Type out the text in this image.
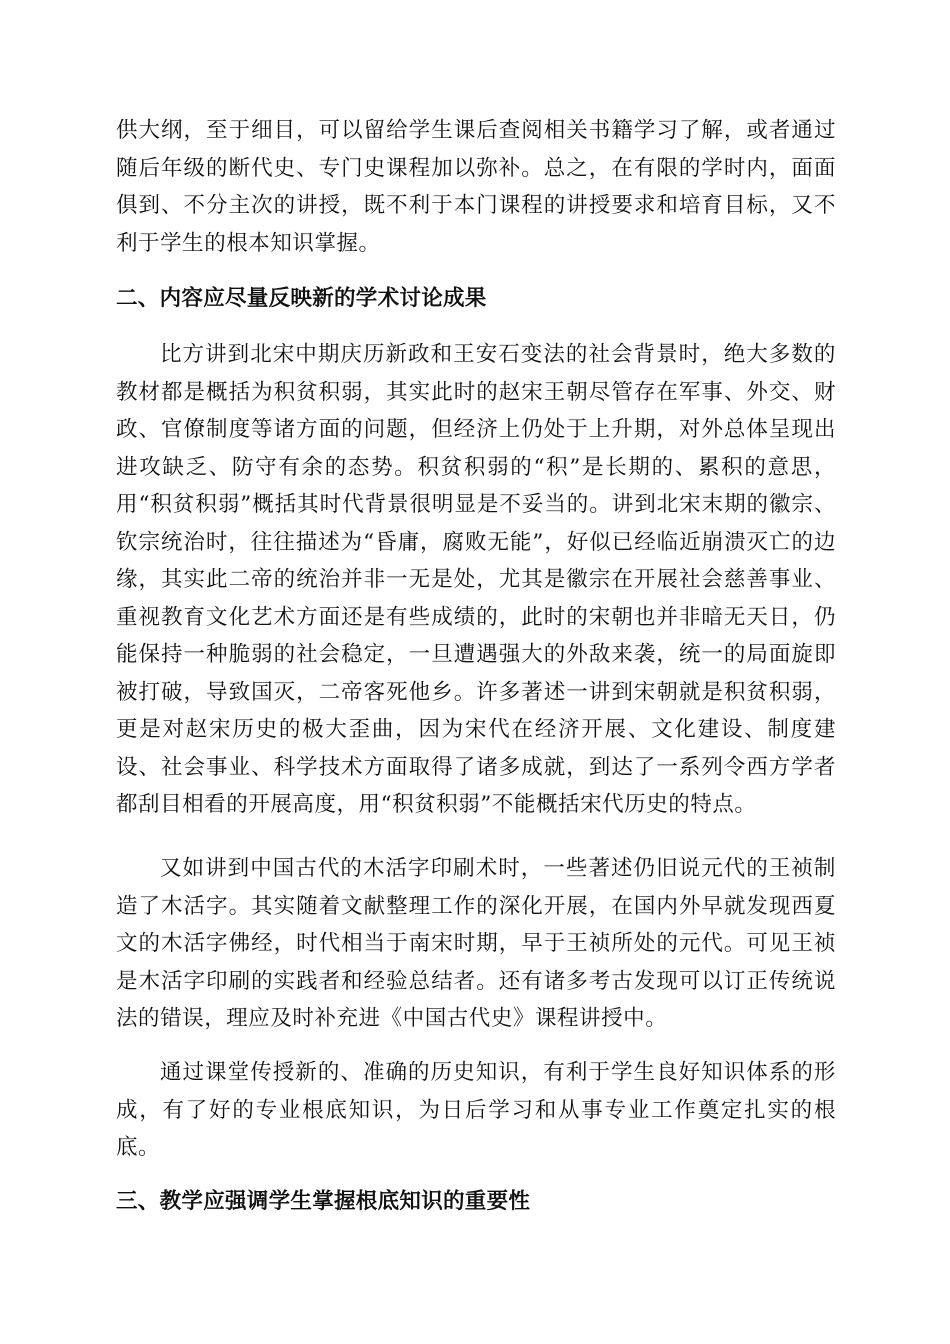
供大纲，至于细目，可以留给学生课后查阅相关书籍学习了解，或者通过随后年级的断代史、专门史课程加以弥补。总之，在有限的学时内，面面俱到、不分主次的讲授，既不利于本门课程的讲授要求和培育目标，又不利于学生的根本知识掌握。

二、内容应尽量反映新的学术讨论成果

比方讲到北宋中期庆历新政和王安石变法的社会背景时，绝大多数的教材都是概括为积贫积弱，其实此时的赵宋王朝尽管存在军事、外交、财政、官僚制度等诸方面的问题，但经济上仍处于上升期，对外总体呈现出进攻缺乏、防守有余的态势。积贫积弱的“积”是长期的、累积的意思，用“积贫积弱”概括其时代背景很明显是不妥当的。讲到北宋末期的徽宗、钦宗统治时，往往描述为“昏庸，腐败无能”，好似已经临近崩溃灭亡的边缘，其实此二帝的统治并非一无是处，尤其是徽宗在开展社会慈善事业、重视教育文化艺术方面还是有些成绩的，此时的宋朝也并非暗无天日，仍能保持一种脆弱的社会稳定，一旦遭遇强大的外敌来袭，统一的局面旋即被打破，导致国灭，二帝客死他乡。许多著述一讲到宋朝就是积贫积弱，更是对赵宋历史的极大歪曲，因为宋代在经济开展、文化建设、制度建设、社会事业、科学技术方面取得了诸多成就，到达了一系列令西方学者都刮目相看的开展高度，用“积贫积弱”不能概括宋代历史的特点。

又如讲到中国古代的木活字印刷术时，一些著述仍旧说元代的王祯制造了木活字。其实随着文献整理工作的深化开展，在国内外早就发现西夏文的木活字佛经，时代相当于南宋时期，早于王祯所处的元代。可见王祯是木活字印刷的实践者和经验总结者。还有诸多考古发现可以订正传统说法的错误，理应及时补充进《中国古代史》课程讲授中。

通过课堂传授新的、准确的历史知识，有利于学生良好知识体系的形成，有了好的专业根底知识，为日后学习和从事专业工作奠定扎实的根底。

三、教学应强调学生掌握根底知识的重要性
